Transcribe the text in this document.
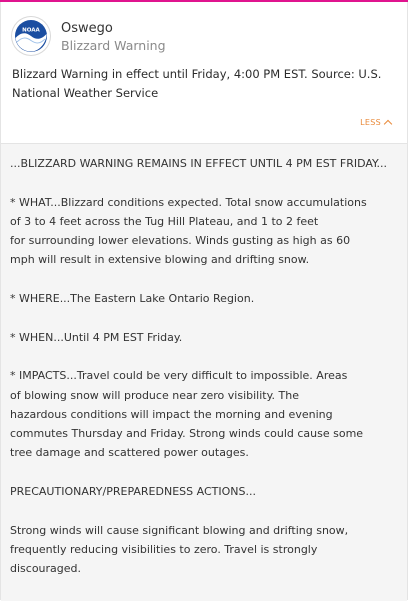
NOAA Oswego
Blizzard Warning
Blizzard Warning in effect until Friday, 4:00 PM EST. Source: U.S. National Weather Service
LESS
...BLIZZARD WARNING REMAINS IN EFFECT UNTIL 4 PM EST FRIDAY...
* WHAT...Blizzard conditions expected. Total snow accumulations
of 3 to 4 feet across the Tug Hill Plateau, and 1 to 2 feet
for surrounding lower elevations. Winds gusting as high as 60
mph will result in extensive blowing and drifting snow.
* WHERE...The Eastern Lake Ontario Region.
* WHEN...Until 4 PM EST Friday.
* IMPACTS...Travel could be very difficult to impossible. Areas
of blowing snow will produce near zero visibility. The
hazardous conditions will impact the morning and evening
commutes Thursday and Friday. Strong winds could cause some
tree damage and scattered power outages.
PRECAUTIONARY/PREPAREDNESS ACTIONS...
Strong winds will cause significant blowing and drifting snow,
frequently reducing visibilities to zero. Travel is strongly
discouraged.
